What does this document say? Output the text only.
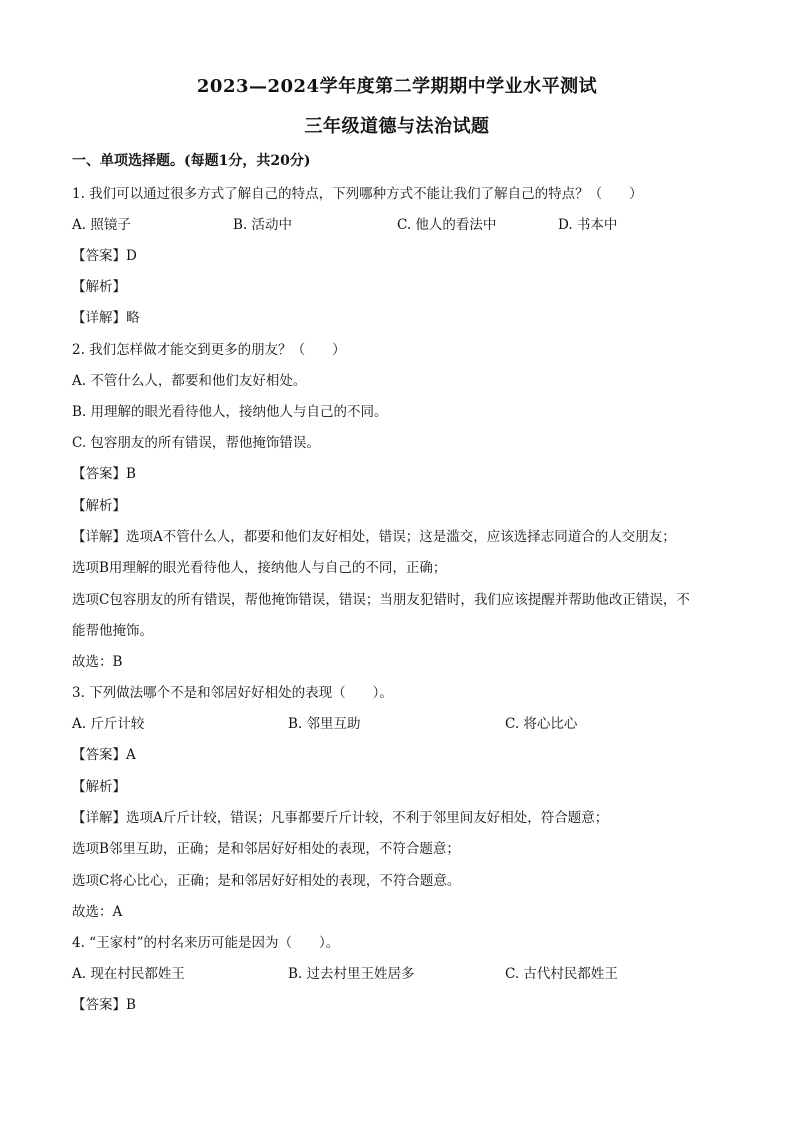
2023—2024学年度第二学期期中学业水平测试
三年级道德与法治试题
一、单项选择题。(每题1分，共20分)
1. 我们可以通过很多方式了解自己的特点，下列哪种方式不能让我们了解自己的特点？（　　）
A. 照镜子	B. 活动中	C. 他人的看法中	D. 书本中
【答案】D
【解析】
【详解】略
2. 我们怎样做才能交到更多的朋友？（　　）
A. 不管什么人，都要和他们友好相处。
B. 用理解的眼光看待他人，接纳他人与自己的不同。
C. 包容朋友的所有错误，帮他掩饰错误。
【答案】B
【解析】
【详解】选项A不管什么人，都要和他们友好相处，错误；这是滥交，应该选择志同道合的人交朋友；
选项B用理解的眼光看待他人，接纳他人与自己的不同，正确；
选项C包容朋友的所有错误，帮他掩饰错误，错误；当朋友犯错时，我们应该提醒并帮助他改正错误，不
能帮他掩饰。
故选：B
3. 下列做法哪个不是和邻居好好相处的表现（　　）。
A. 斤斤计较	B. 邻里互助	C. 将心比心
【答案】A
【解析】
【详解】选项A斤斤计较，错误；凡事都要斤斤计较，不利于邻里间友好相处，符合题意；
选项B邻里互助，正确；是和邻居好好相处的表现，不符合题意；
选项C将心比心，正确；是和邻居好好相处的表现，不符合题意。
故选：A
4. “王家村”的村名来历可能是因为（　　）。
A. 现在村民都姓王	B. 过去村里王姓居多	C. 古代村民都姓王
【答案】B
